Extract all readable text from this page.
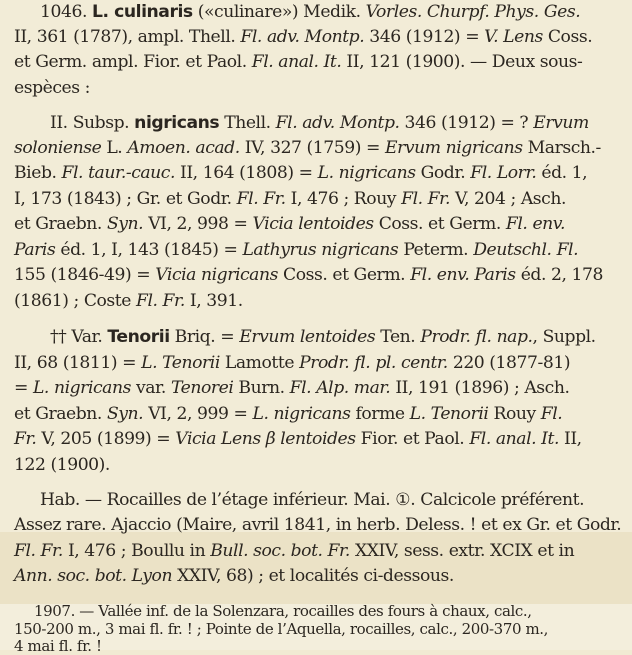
1046. L. culinaris («culinare») Medik. Vorles. Churpf. Phys. Ges.

II, 361 (1787), ampl. Thell. Fl. adv. Montp. 346 (1912) = V. Lens Coss.

et Germ. ampl. Fior. et Paol. Fl. anal. It. II, 121 (1900). — Deux sous-

espèces :

II. Subsp. nigricans Thell. Fl. adv. Montp. 346 (1912) = ? Ervum

soloniense L. Amoen. acad. IV, 327 (1759) = Ervum nigricans Marsch.-

Bieb. Fl. taur.-cauc. II, 164 (1808) = L. nigricans Godr. Fl. Lorr. éd. 1,

I, 173 (1843) ; Gr. et Godr. Fl. Fr. I, 476 ; Rouy Fl. Fr. V, 204 ; Asch.

et Graebn. Syn. VI, 2, 998 = Vicia lentoides Coss. et Germ. Fl. env.

Paris éd. 1, I, 143 (1845) = Lathyrus nigricans Peterm. Deutschl. Fl.

155 (1846-49) = Vicia nigricans Coss. et Germ. Fl. env. Paris éd. 2, 178

(1861) ; Coste Fl. Fr. I, 391.

†† Var. Tenorii Briq. = Ervum lentoides Ten. Prodr. fl. nap., Suppl.

II, 68 (1811) = L. Tenorii Lamotte Prodr. fl. pl. centr. 220 (1877-81)

= L. nigricans var. Tenorei Burn. Fl. Alp. mar. II, 191 (1896) ; Asch.

et Graebn. Syn. VI, 2, 999 = L. nigricans forme L. Tenorii Rouy Fl.

Fr. V, 205 (1899) = Vicia Lens β lentoides Fior. et Paol. Fl. anal. It. II,

122 (1900).

Hab. — Rocailles de l’étage inférieur. Mai. ①. Calcicole préférent.

Assez rare. Ajaccio (Maire, avril 1841, in herb. Deless. ! et ex Gr. et Godr.

Fl. Fr. I, 476 ; Boullu in Bull. soc. bot. Fr. XXIV, sess. extr. XCIX et in

Ann. soc. bot. Lyon XXIV, 68) ; et localités ci-dessous.

1907. — Vallée inf. de la Solenzara, rocailles des fours à chaux, calc.,

150-200 m., 3 mai fl. fr. ! ; Pointe de l’Aquella, rocailles, calc., 200-370 m.,

4 mai fl. fr. !
